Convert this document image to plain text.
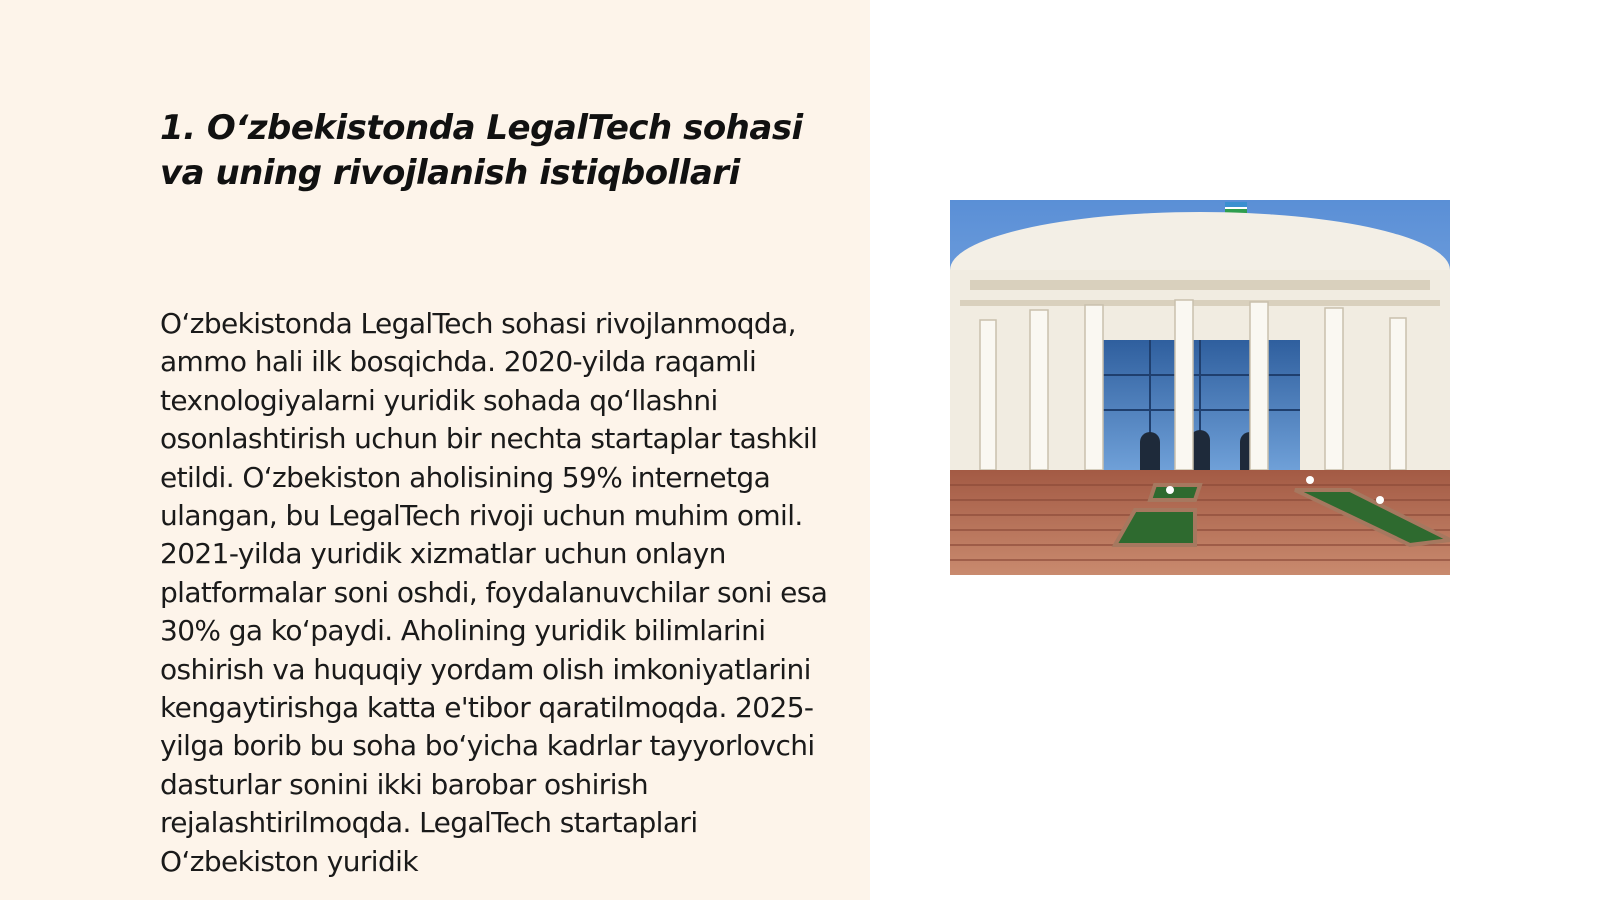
1. O‘zbekistonda LegalTech sohasi va uning rivojlanish istiqbollari

O‘zbekistonda LegalTech sohasi rivojlanmoqda, ammo hali ilk bosqichda. 2020-yilda raqamli texnologiyalarni yuridik sohada qo‘llashni osonlashtirish uchun bir nechta startaplar tashkil etildi. O‘zbekiston aholisining 59% internetga ulangan, bu LegalTech rivoji uchun muhim omil. 2021-yilda yuridik xizmatlar uchun onlayn platformalar soni oshdi, foydalanuvchilar soni esa 30% ga ko‘paydi. Aholining yuridik bilimlarini oshirish va huquqiy yordam olish imkoniyatlarini kengaytirishga katta e'tibor qaratilmoqda. 2025-yilga borib bu soha bo‘yicha kadrlar tayyorlovchi dasturlar sonini ikki barobar oshirish rejalashtirilmoqda. LegalTech startaplari O‘zbekiston yuridik
